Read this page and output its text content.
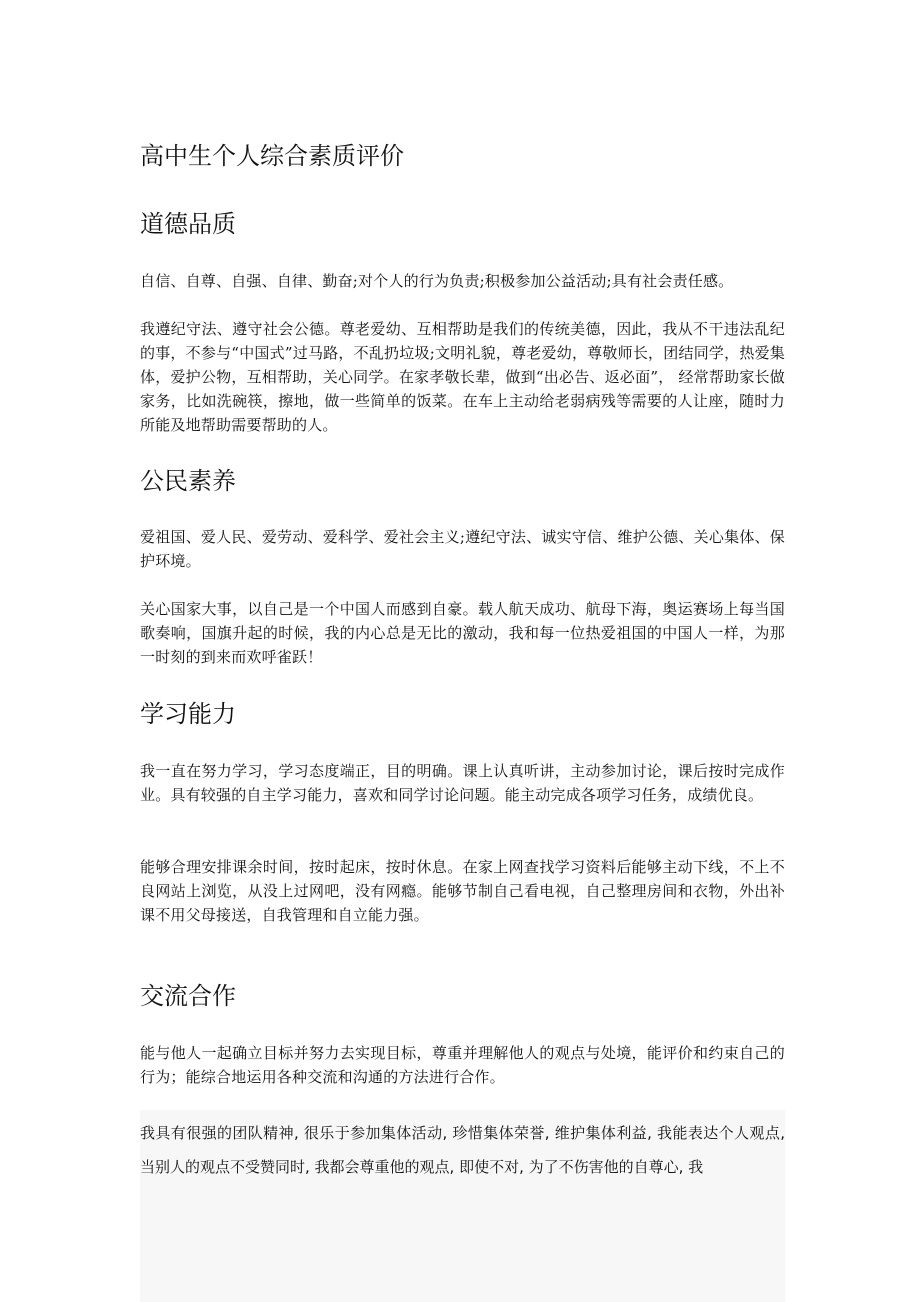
高中生个人综合素质评价
道德品质

自信、自尊、自强、自律、勤奋;对个人的行为负责;积极参加公益活动;具有社会责任感。

我遵纪守法、遵守社会公德。尊老爱幼、互相帮助是我们的传统美德，因此，我从不干违法乱纪的事，不参与“中国式”过马路，不乱扔垃圾;文明礼貌，尊老爱幼，尊敬师长，团结同学，热爱集体，爱护公物，互相帮助，关心同学。在家孝敬长辈，做到“出必告、返必面”， 经常帮助家长做家务，比如洗碗筷，擦地，做一些简单的饭菜。在车上主动给老弱病残等需要的人让座，随时力所能及地帮助需要帮助的人。

公民素养

爱祖国、爱人民、爱劳动、爱科学、爱社会主义;遵纪守法、诚实守信、维护公德、关心集体、保护环境。

关心国家大事，以自己是一个中国人而感到自豪。载人航天成功、航母下海，奥运赛场上每当国歌奏响，国旗升起的时候，我的内心总是无比的激动，我和每一位热爱祖国的中国人一样，为那一时刻的到来而欢呼雀跃！

学习能力

我一直在努力学习，学习态度端正，目的明确。课上认真听讲，主动参加讨论，课后按时完成作业。具有较强的自主学习能力，喜欢和同学讨论问题。能主动完成各项学习任务，成绩优良。

能够合理安排课余时间，按时起床，按时休息。在家上网查找学习资料后能够主动下线，不上不良网站上浏览，从没上过网吧，没有网瘾。能够节制自己看电视，自己整理房间和衣物，外出补课不用父母接送，自我管理和自立能力强。

交流合作

能与他人一起确立目标并努力去实现目标，尊重并理解他人的观点与处境，能评价和约束自己的行为；能综合地运用各种交流和沟通的方法进行合作。

我具有很强的团队精神, 很乐于参加集体活动, 珍惜集体荣誉, 维护集体利益, 我能表达个人观点, 当别人的观点不受赞同时, 我都会尊重他的观点, 即使不对, 为了不伤害他的自尊心, 我
